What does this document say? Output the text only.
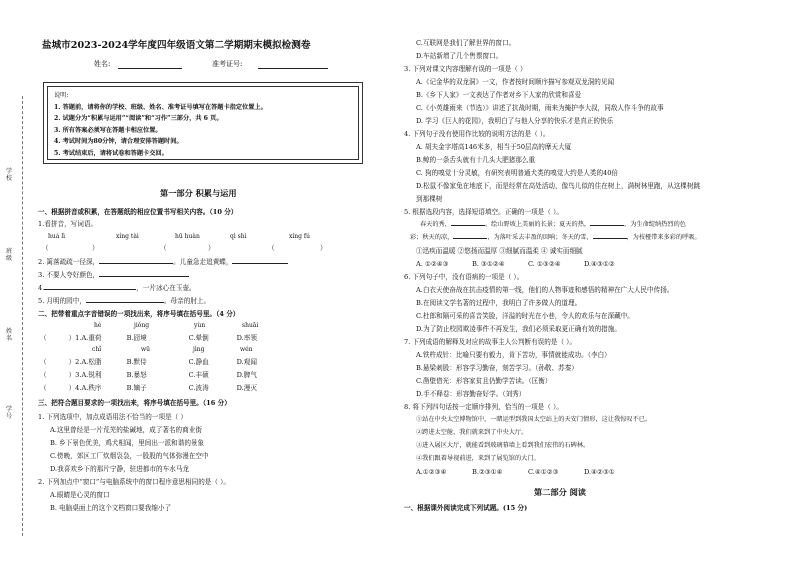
学校
班级
姓名
学号
盐城市2023-2024学年度四年级语文第二学期期末模拟检测卷
姓名:	准考证号:
说明:
1. 答题前，请将你的学校、班级、姓名、准考证号填写在答题卡指定位置上。
2. 试题分为“积累与运用”“阅读”和“习作”三部分，共 6 页。
3. 所有答案必须写在答题卡相应位置。
4. 考试时间为80分钟，请合理安排答题时间。
5. 考试结束后，请将试卷和答题卡交回。
第一部分 积累与运用
一、根据拼音或积累，在答题纸的相应位置书写相关内容。（10 分）
1.看拼音，写词语。
huá lì	xíng tài	hū huàn	qì shì	xíng fú
（	）	（	）	（	）
2. 篱落疏疏一径深，	。儿童急走追黄蝶，
3. 不要人夸好颜色，
4.	，一片冰心在玉壶。
5. 月明的园中，	。母亲的肘上。
二、把带着重点字音错误的一项找出来，将序号填在括号里。（4 分）
hè	jiǒng	yùn	shuāi
（	）1.A.重荷	B.囧境	C.晕倒	D.率领
chǐ	wū	jìng	wén
（	）2.A.松脂	B.默侍	C.静血	D.观闻
（	）3.A.锐利	B.暴怒	C.丰硕	D.脾气
（	）4.A.秩序	B.嫡子	C.波涛	D.漫灭
三、把符合题目要求的一项找出来，将序号填在括号里。（16 分）
1. 下列选项中，加点成语用法不恰当的一项是（ ）
A.这里曾经是一片荒芜的盐碱地，成了著名的商业街
B. 乡下景色优美，鸡犬相闻，里间出一派和谐的景象
C.傍晚，郊区工厂炊烟袅袅，一股股的气体弥漫在空中
D.我喜欢乡下的那片宁静，驻进都市的车水马龙
2. 下列加点中“窗口”与电脑系统中的窗口程序意思相同的是（ ）。
A.眼睛是心灵的窗口
B. 电脑桌面上的这个文档窗口要我缩小了
C.互联网是我们了解世界的窗口。
D.车站新增了几个售票窗口。
3. 下列对课文内容理解有误的一项是（ ）
A.《记金华的双龙洞》一文，作者按时间顺序描写参观双龙洞的见闻
B.《乡下人家》一文表达了作者对乡下人家的欣赏和喜爱
C.《小英雄雨来（节选）》讲述了抗战时期，雨来为掩护李大叔，同敌人作斗争的故事
D. 学习《巨人的花园》，我明白了与他人分享的快乐才是真正的快乐
4. 下列句子没有使用作比较的说明方法的是（ ）。
A. 胡夫金字塔高146米多，相当于50层高的摩天大厦
B.鲸的一条舌头就有十几头大肥猪那么重
C. 狗的嗅觉十分灵敏，有研究表明普通犬类的嗅觉大约是人类的40倍
D.松鼠不像家兔在地底下，而是经常在高处活动，像鸟儿似的住在树上，满树林里跑，从这棵树跳
到那棵树
5. 根据选段内容，选择短语填空。正确的一项是（ ）。
春天的秀，	。绘山野坡上美丽的长景；夏天的热，	，为生命绽纳热烈的色
彩；秋天的凉，	，为落叶采去丰盈的回响；冬天的雪，	，为枝桠带来多彩的呼吸。
①迅疾而温暖 ②悠扬而温厚 ③细腻而温柔 ④ 诚实而细腻
A. ①②④③	B. ③①②④	C. ①③②④	D.④③①②
6. 下列句子中，没有语病的一项是（ ）。
A.白衣天使奋战在抗击疫情的第一线，他们的人物事迹和感悟的精神在广大人民中传扬。
B.在阅读文学名著的过程中，我明白了许多做人的道理。
C.杜郎和隔可采的喜音笑脸，洋溢的时光在小巷，令人的欢乐与在深藏中。
D.为了防止校园欺凌事件不再发生，我们必须采取更正确有效的措施。
7. 下列成语的解释及对应的故事主人公判断有误的是（ ）。
A.铁杵成针：比喻只要有毅力，肯下苦功，事情就能成功。（李白）
B.悬梁刺股：形容学习勤奋，刻苦学习。（孙敬、苏秦）
C.凿壁借光：形容家贫且仍勤学苦读。（匡衡）
D.手不释卷：形容勤奋好学。（刘秀）
8. 将下列四句话按一定顺序排列，恰当的一项是（ ）。
①站在中央太空博物馆中，一睹运型到我国太空站上的天安门情形，这让我惊叹不已。
②跨进太空舱，我们就来到了中央大厅。
③进入展区大厅，就能看到玻璃幕墙上看到我们宏伟的石碑林。
④我们跟着导视前进，来到了展览馆的大门。
A.①②③④	B.②③①④	C.④①②③	D.④②③①
第二部分 阅读
一、根据课外阅读完成下列试题。(15 分)
